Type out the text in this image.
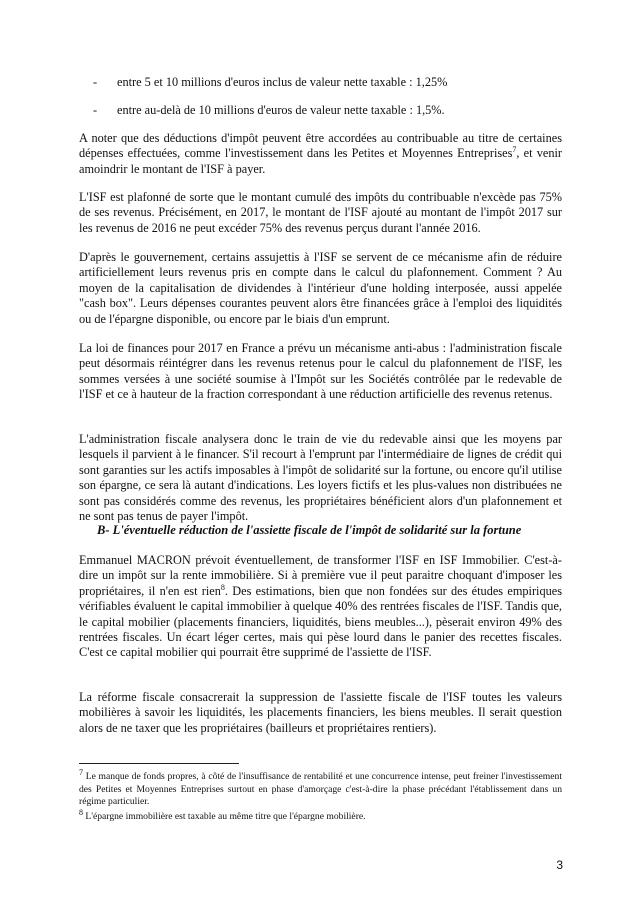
- entre 5 et 10 millions d'euros inclus de valeur nette taxable : 1,25%
- entre au-delà de 10 millions d'euros de valeur nette taxable : 1,5%.

A noter que des déductions d'impôt peuvent être accordées au contribuable au titre de certaines dépenses effectuées, comme l'investissement dans les Petites et Moyennes Entreprises$^7$, et venir amoindrir le montant de l'ISF à payer.

L'ISF est plafonné de sorte que le montant cumulé des impôts du contribuable n'excède pas 75% de ses revenus. Précisément, en 2017, le montant de l'ISF ajouté au montant de l'impôt 2017 sur les revenus de 2016 ne peut excéder 75% des revenus perçus durant l'année 2016.

D'après le gouvernement, certains assujettis à l'ISF se servent de ce mécanisme afin de réduire artificiellement leurs revenus pris en compte dans le calcul du plafonnement. Comment ? Au moyen de la capitalisation de dividendes à l'intérieur d'une holding interposée, aussi appelée "cash box". Leurs dépenses courantes peuvent alors être financées grâce à l'emploi des liquidités ou de l'épargne disponible, ou encore par le biais d'un emprunt.

La loi de finances pour 2017 en France a prévu un mécanisme anti-abus : l'administration fiscale peut désormais réintégrer dans les revenus retenus pour le calcul du plafonnement de l'ISF, les sommes versées à une société soumise à l'Impôt sur les Sociétés contrôlée par le redevable de l'ISF et ce à hauteur de la fraction correspondant à une réduction artificielle des revenus retenus.

L'administration fiscale analysera donc le train de vie du redevable ainsi que les moyens par lesquels il parvient à le financer. S'il recourt à l'emprunt par l'intermédiaire de lignes de crédit qui sont garanties sur les actifs imposables à l'impôt de solidarité sur la fortune, ou encore qu'il utilise son épargne, ce sera là autant d'indications. Les loyers fictifs et les plus-values non distribuées ne sont pas considérés comme des revenus, les propriétaires bénéficient alors d'un plafonnement et ne sont pas tenus de payer l'impôt.

B- L'éventuelle réduction de l'assiette fiscale de l'impôt de solidarité sur la fortune

Emmanuel MACRON prévoit éventuellement, de transformer l'ISF en ISF Immobilier. C'est-à-dire un impôt sur la rente immobilière. Si à première vue il peut paraitre choquant d'imposer les propriétaires, il n'en est rien$^8$. Des estimations, bien que non fondées sur des études empiriques vérifiables évaluent le capital immobilier à quelque 40% des rentrées fiscales de l'ISF. Tandis que, le capital mobilier (placements financiers, liquidités, biens meubles...), pèserait environ 49% des rentrées fiscales. Un écart léger certes, mais qui pèse lourd dans le panier des recettes fiscales. C'est ce capital mobilier qui pourrait être supprimé de l'assiette de l'ISF.

La réforme fiscale consacrerait la suppression de l'assiette fiscale de l'ISF toutes les valeurs mobilières à savoir les liquidités, les placements financiers, les biens meubles. Il serait question alors de ne taxer que les propriétaires (bailleurs et propriétaires rentiers).

$^7$ Le manque de fonds propres, à côté de l'insuffisance de rentabilité et une concurrence intense, peut freiner l'investissement des Petites et Moyennes Entreprises surtout en phase d'amorçage c'est-à-dire la phase précédant l'établissement dans un régime particulier.

$^8$ L'épargne immobilière est taxable au même titre que l'épargne mobilière.

3
